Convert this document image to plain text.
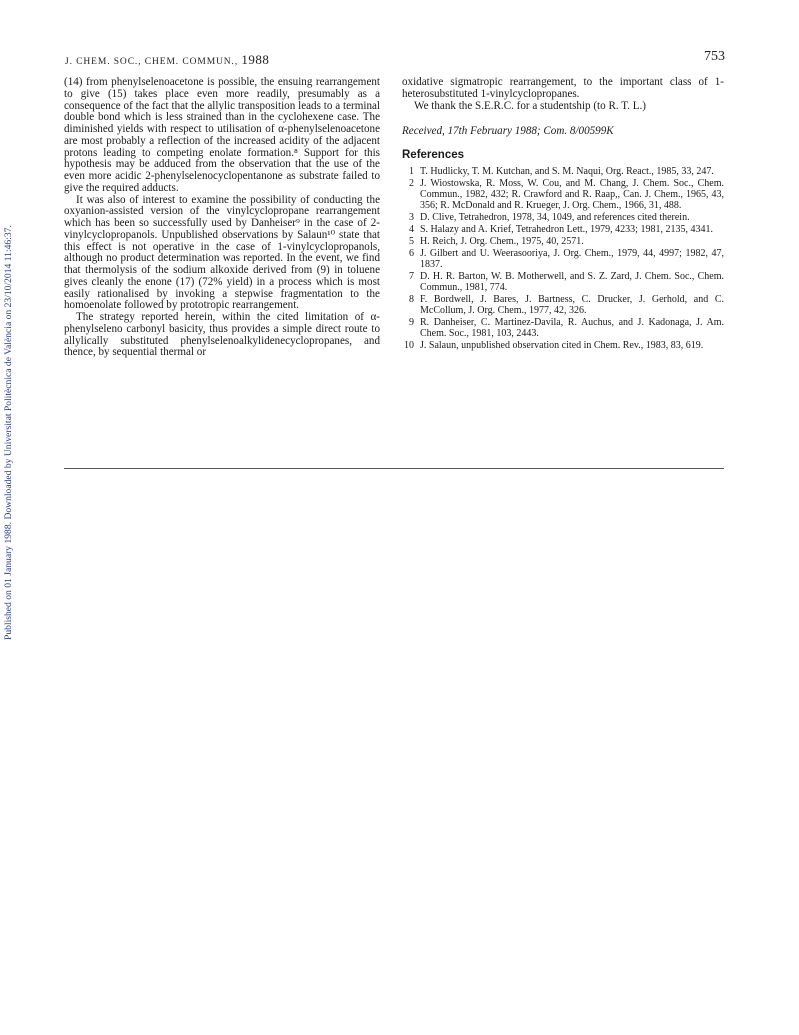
Published on 01 January 1988. Downloaded by Universitat Politècnica de València on 23/10/2014 11:46:37.
J. CHEM. SOC., CHEM. COMMUN., 1988	753

(14) from phenylselenoacetone is possible, the ensuing rearrangement to give (15) takes place even more readily, presumably as a consequence of the fact that the allylic transposition leads to a terminal double bond which is less strained than in the cyclohexene case. The diminished yields with respect to utilisation of α-phenylselenoacetone are most probably a reflection of the increased acidity of the adjacent protons leading to competing enolate formation.⁸ Support for this hypothesis may be adduced from the observation that the use of the even more acidic 2-phenylselenocyclopentanone as substrate failed to give the required adducts.

It was also of interest to examine the possibility of conducting the oxyanion-assisted version of the vinylcyclopropane rearrangement which has been so successfully used by Danheiser⁹ in the case of 2-vinylcyclopropanols. Unpublished observations by Salaun¹⁰ state that this effect is not operative in the case of 1-vinylcyclopropanols, although no product determination was reported. In the event, we find that thermolysis of the sodium alkoxide derived from (9) in toluene gives cleanly the enone (17) (72% yield) in a process which is most easily rationalised by invoking a stepwise fragmentation to the homoenolate followed by prototropic rearrangement.

The strategy reported herein, within the cited limitation of α-phenylseleno carbonyl basicity, thus provides a simple direct route to allylically substituted phenylselenoalkylidenecyclopropanes, and thence, by sequential thermal or

oxidative sigmatropic rearrangement, to the important class of 1-heterosubstituted 1-vinylcyclopropanes.

We thank the S.E.R.C. for a studentship (to R. T. L.)

Received, 17th February 1988; Com. 8/00599K

References
1 T. Hudlicky, T. M. Kutchan, and S. M. Naqui, Org. React., 1985, 33, 247.
2 J. Wiostowska, R. Moss, W. Cou, and M. Chang, J. Chem. Soc., Chem. Commun., 1982, 432; R. Crawford and R. Raap,, Can. J. Chem., 1965, 43, 356; R. McDonald and R. Krueger, J. Org. Chem., 1966, 31, 488.
3 D. Clive, Tetrahedron, 1978, 34, 1049, and references cited therein.
4 S. Halazy and A. Krief, Tetrahedron Lett., 1979, 4233; 1981, 2135, 4341.
5 H. Reich, J. Org. Chem., 1975, 40, 2571.
6 J. Gilbert and U. Weerasooriya, J. Org. Chem., 1979, 44, 4997; 1982, 47, 1837.
7 D. H. R. Barton, W. B. Motherwell, and S. Z. Zard, J. Chem. Soc., Chem. Commun., 1981, 774.
8 F. Bordwell, J. Bares, J. Bartness, C. Drucker, J. Gerhold, and C. McCollum, J. Org. Chem., 1977, 42, 326.
9 R. Danheiser, C. Martinez-Davila, R. Auchus, and J. Kadonaga, J. Am. Chem. Soc., 1981, 103, 2443.
10 J. Salaun, unpublished observation cited in Chem. Rev., 1983, 83, 619.
